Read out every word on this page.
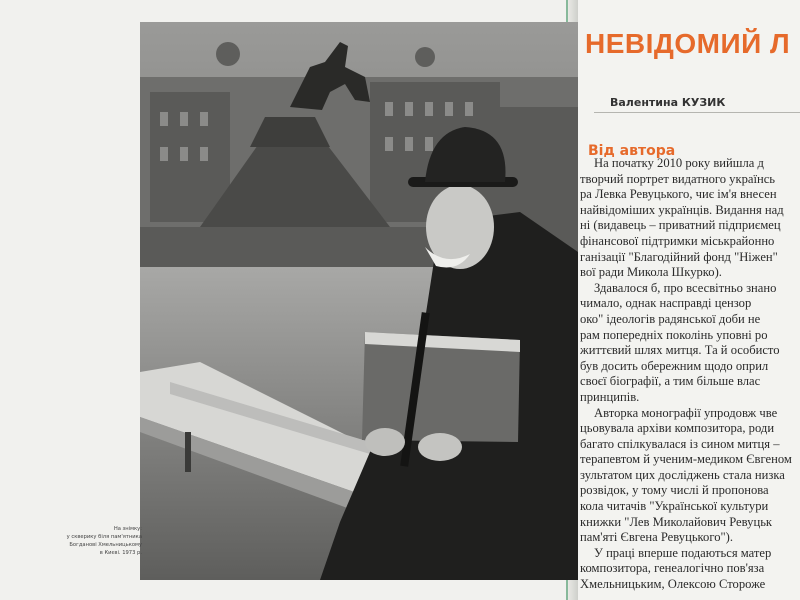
На знімку:
у скверику біля пам'ятника
Богданові Хмельницькому
в Києві. 1973 р.
НЕВІДОМИЙ Л
Валентина КУЗИК
Від автора
На початку 2010 року вийшла д
творчий портрет видатного українсь
ра Левка Ревуцького, чиє ім'я внесен
найвідоміших українців. Видання над
ні (видавець – приватний підприємец
фінансової підтримки міськрайонно
ганізації "Благодійний фонд "Ніжен"
вої ради Микола Шкурко).
Здавалося б, про всесвітньо знано
чимало, однак насправді цензор
око" ідеологів радянської доби не
рам попередніх поколінь уповні ро
життєвий шлях митця. Та й особисто
був досить обережним щодо оприл
своєї біографії, а тим більше влас
принципів.
Авторка монографії упродовж чве
цьовувала архіви композитора, роди
багато спілкувалася із сином митця –
терапевтом й ученим-медиком Євгеном
зультатом цих досліджень стала низка
розвідок, у тому числі й пропонова
кола читачів "Української культури
книжки "Лев Миколайович Ревуцьк
пам'яті Євгена Ревуцького").
У праці вперше подаються матер
композитора, генеалогічно пов'яза
Хмельницьким, Олексою Стороже
